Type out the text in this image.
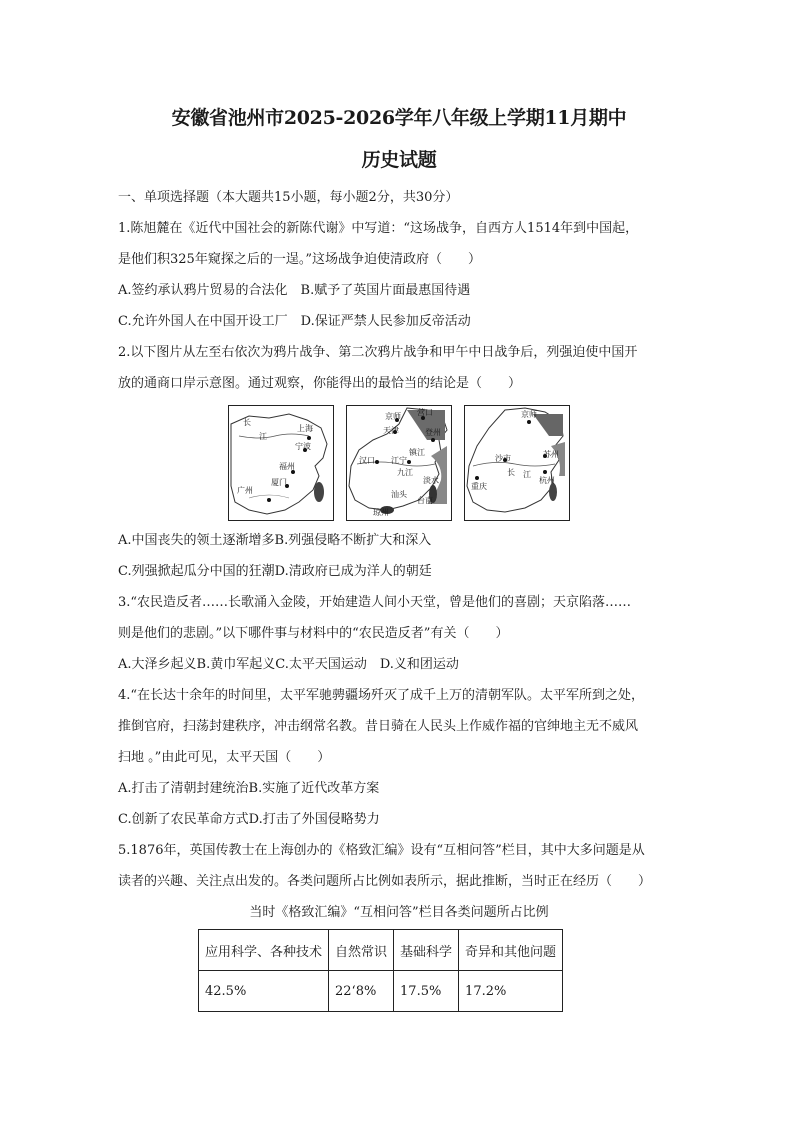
安徽省池州市2025-2026学年八年级上学期11月期中
历史试题
一、单项选择题（本大题共15小题，每小题2分，共30分）
1.陈旭麓在《近代中国社会的新陈代谢》中写道：“这场战争，自西方人1514年到中国起，
是他们积325年窥探之后的一逞。”这场战争迫使清政府（　　）
A.签约承认鸦片贸易的合法化　B.赋予了英国片面最惠国待遇
C.允许外国人在中国开设工厂　D.保证严禁人民参加反帝活动
2.以下图片从左至右依次为鸦片战争、第二次鸦片战争和甲午中日战争后，列强迫使中国开
放的通商口岸示意图。通过观察，你能得出的最恰当的结论是（　　）
长
江
上海
宁波
福州
厦门
广州
京师 营口
天津	登州
汉口 江宁
镇江
九江
淡水
汕头
台南
琼州
京师
苏州
沙市
长 江
杭州
重庆
A.中国丧失的领土逐渐增多B.列强侵略不断扩大和深入
C.列强掀起瓜分中国的狂潮D.清政府已成为洋人的朝廷
3.“农民造反者……长歌涌入金陵，开始建造人间小天堂，曾是他们的喜剧；天京陷落……
则是他们的悲剧。”以下哪件事与材料中的“农民造反者”有关（　　）
A.大泽乡起义B.黄巾军起义C.太平天国运动　D.义和团运动
4.“在长达十余年的时间里，太平军驰骋疆场歼灭了成千上万的清朝军队。太平军所到之处，
推倒官府，扫荡封建秩序，冲击纲常名教。昔日骑在人民头上作威作福的官绅地主无不威风
扫地 。”由此可见，太平天国（　　）
A.打击了清朝封建统治B.实施了近代改革方案
C.创新了农民革命方式D.打击了外国侵略势力
5.1876年，英国传教士在上海创办的《格致汇编》设有“互相问答”栏目，其中大多问题是从
读者的兴趣、关注点出发的。各类问题所占比例如表所示，据此推断，当时正在经历（　　）
当时《格致汇编》“互相问答”栏目各类问题所占比例
应用科学、各种技术	自然常识	基础科学	奇异和其他问题
42.5%	22‘8%	17.5%	17.2%
